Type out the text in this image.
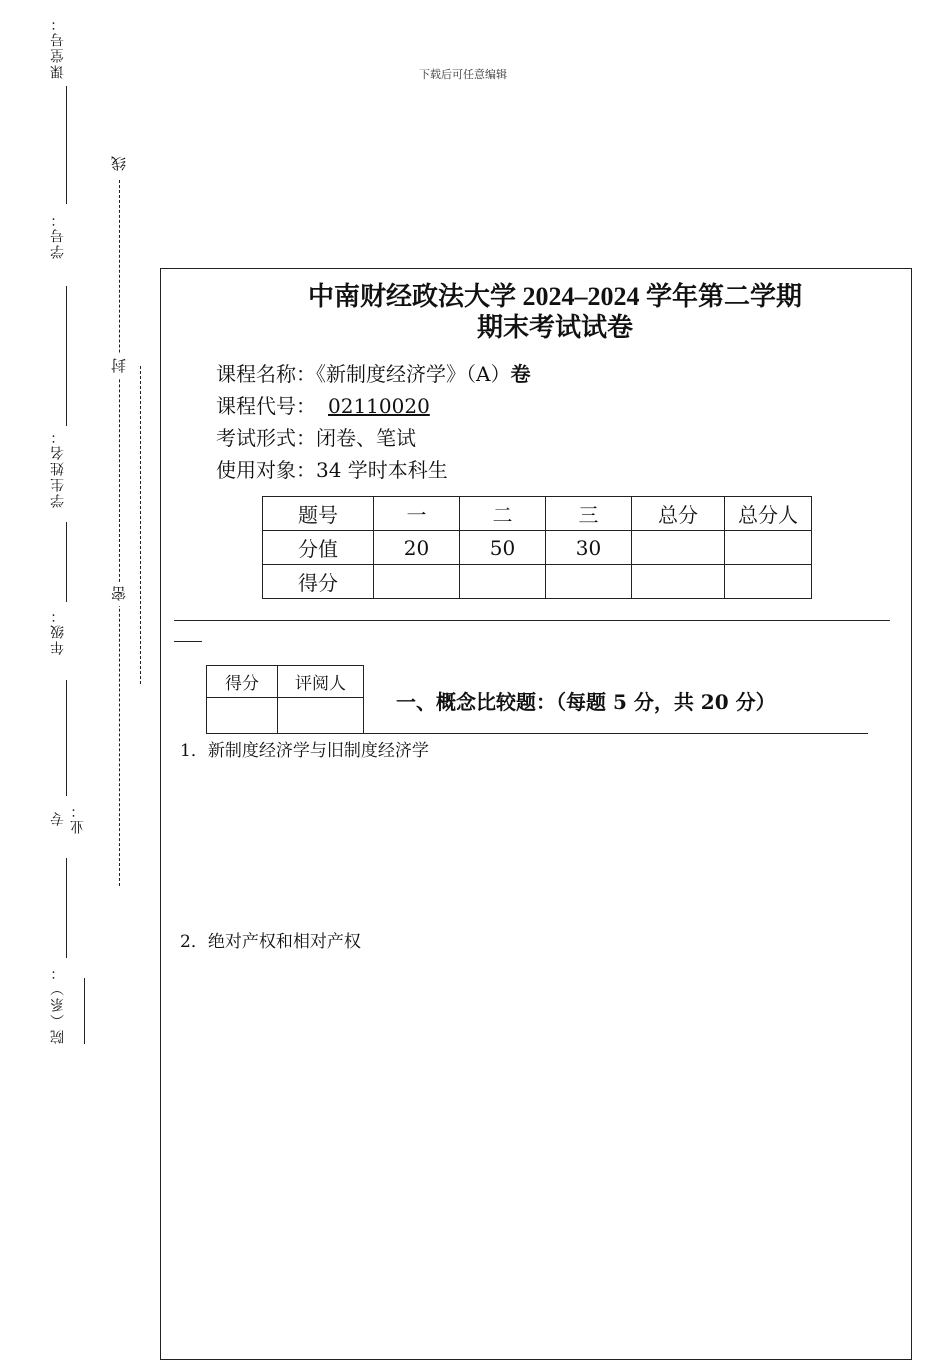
下载后可任意编辑
课堂号：
学号：
学生姓名：
年级：
专业：
院（系）：
线
封
密
中南财经政法大学 2024–2024 学年第二学期
期末考试试卷
课程名称：《新制度经济学》（A）卷
课程代号： 02110020
考试形式：闭卷、笔试
使用对象：34 学时本科生
题号	一	二	三	总分	总分人
分值	20	50	30		
得分					
得分	评阅人

一、概念比较题：（每题 5 分，共 20 分）
1．新制度经济学与旧制度经济学
2．绝对产权和相对产权
